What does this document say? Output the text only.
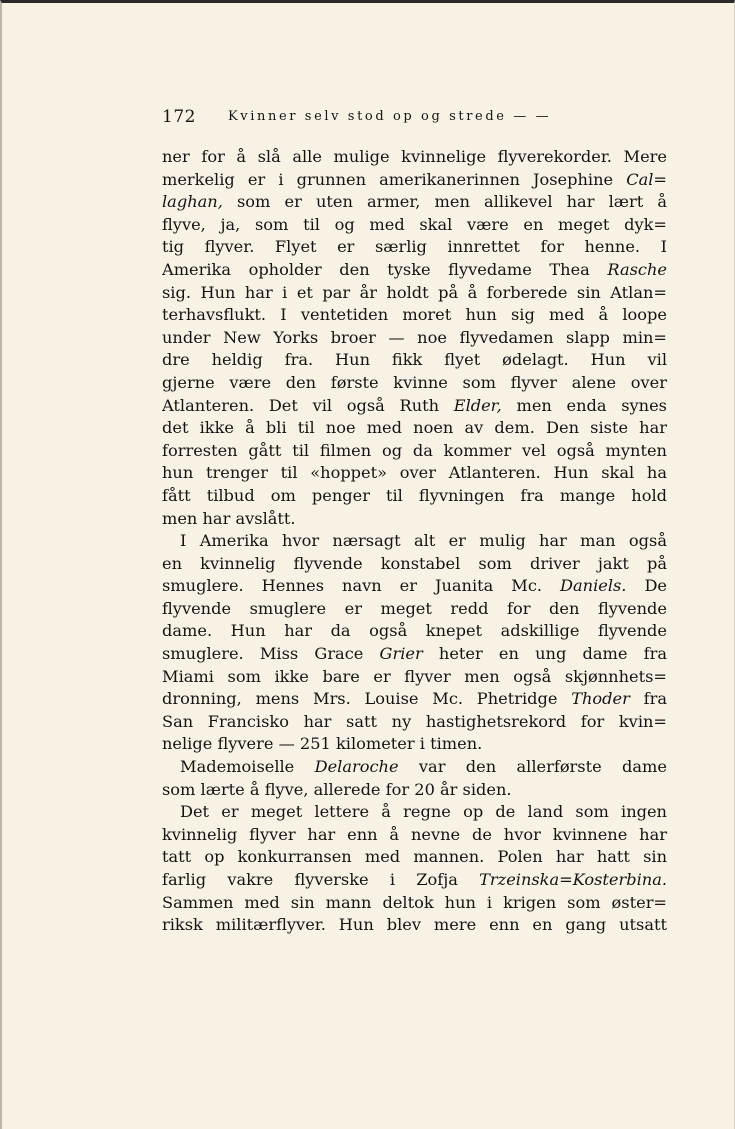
172 Kvinner selv stod op og strede — —
ner for å slå alle mulige kvinnelige flyverekorder. Mere
merkelig er i grunnen amerikanerinnen Josephine Cal=
laghan, som er uten armer, men allikevel har lært å
flyve, ja, som til og med skal være en meget dyk=
tig flyver. Flyet er særlig innrettet for henne. I
Amerika opholder den tyske flyvedame Thea Rasche
sig. Hun har i et par år holdt på å forberede sin Atlan=
terhavsflukt. I ventetiden moret hun sig med å loope
under New Yorks broer — noe flyvedamen slapp min=
dre heldig fra. Hun fikk flyet ødelagt. Hun vil
gjerne være den første kvinne som flyver alene over
Atlanteren. Det vil også Ruth Elder, men enda synes
det ikke å bli til noe med noen av dem. Den siste har
forresten gått til filmen og da kommer vel også mynten
hun trenger til «hoppet» over Atlanteren. Hun skal ha
fått tilbud om penger til flyvningen fra mange hold
men har avslått.
I Amerika hvor nærsagt alt er mulig har man også
en kvinnelig flyvende konstabel som driver jakt på
smuglere. Hennes navn er Juanita Mc. Daniels. De
flyvende smuglere er meget redd for den flyvende
dame. Hun har da også knepet adskillige flyvende
smuglere. Miss Grace Grier heter en ung dame fra
Miami som ikke bare er flyver men også skjønnhets=
dronning, mens Mrs. Louise Mc. Phetridge Thoder fra
San Francisko har satt ny hastighetsrekord for kvin=
nelige flyvere — 251 kilometer i timen.
Mademoiselle Delaroche var den allerførste dame
som lærte å flyve, allerede for 20 år siden.
Det er meget lettere å regne op de land som ingen
kvinnelig flyver har enn å nevne de hvor kvinnene har
tatt op konkurransen med mannen. Polen har hatt sin
farlig vakre flyverske i Zofja Trzeinska=Kosterbina.
Sammen med sin mann deltok hun i krigen som øster=
riksk militærflyver. Hun blev mere enn en gang utsatt
